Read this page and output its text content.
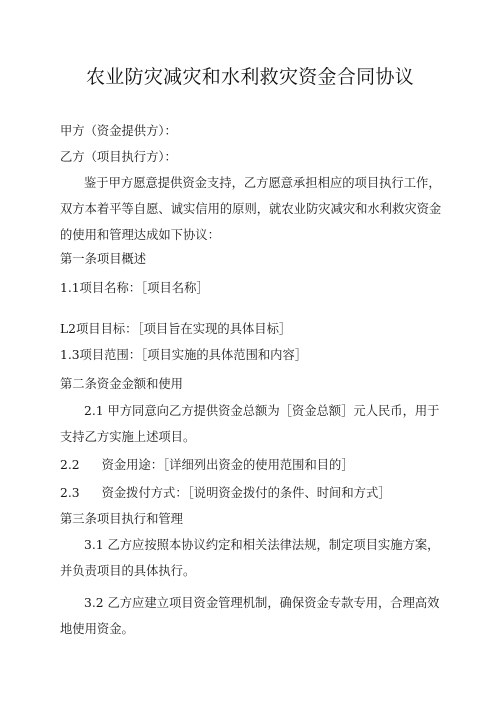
农业防灾减灾和水利救灾资金合同协议

甲方（资金提供方）：

乙方（项目执行方）：

鉴于甲方愿意提供资金支持，乙方愿意承担相应的项目执行工作，双方本着平等自愿、诚实信用的原则，就农业防灾减灾和水利救灾资金的使用和管理达成如下协议：

第一条项目概述

1.1项目名称：［项目名称］

L2项目目标：［项目旨在实现的具体目标］

1.3项目范围：［项目实施的具体范围和内容］

第二条资金金额和使用

2.1 甲方同意向乙方提供资金总额为［资金总额］元人民币，用于支持乙方实施上述项目。

2.2 资金用途：［详细列出资金的使用范围和目的］

2.3 资金拨付方式：［说明资金拨付的条件、时间和方式］

第三条项目执行和管理

3.1 乙方应按照本协议约定和相关法律法规，制定项目实施方案，并负责项目的具体执行。

3.2 乙方应建立项目资金管理机制，确保资金专款专用，合理高效地使用资金。
